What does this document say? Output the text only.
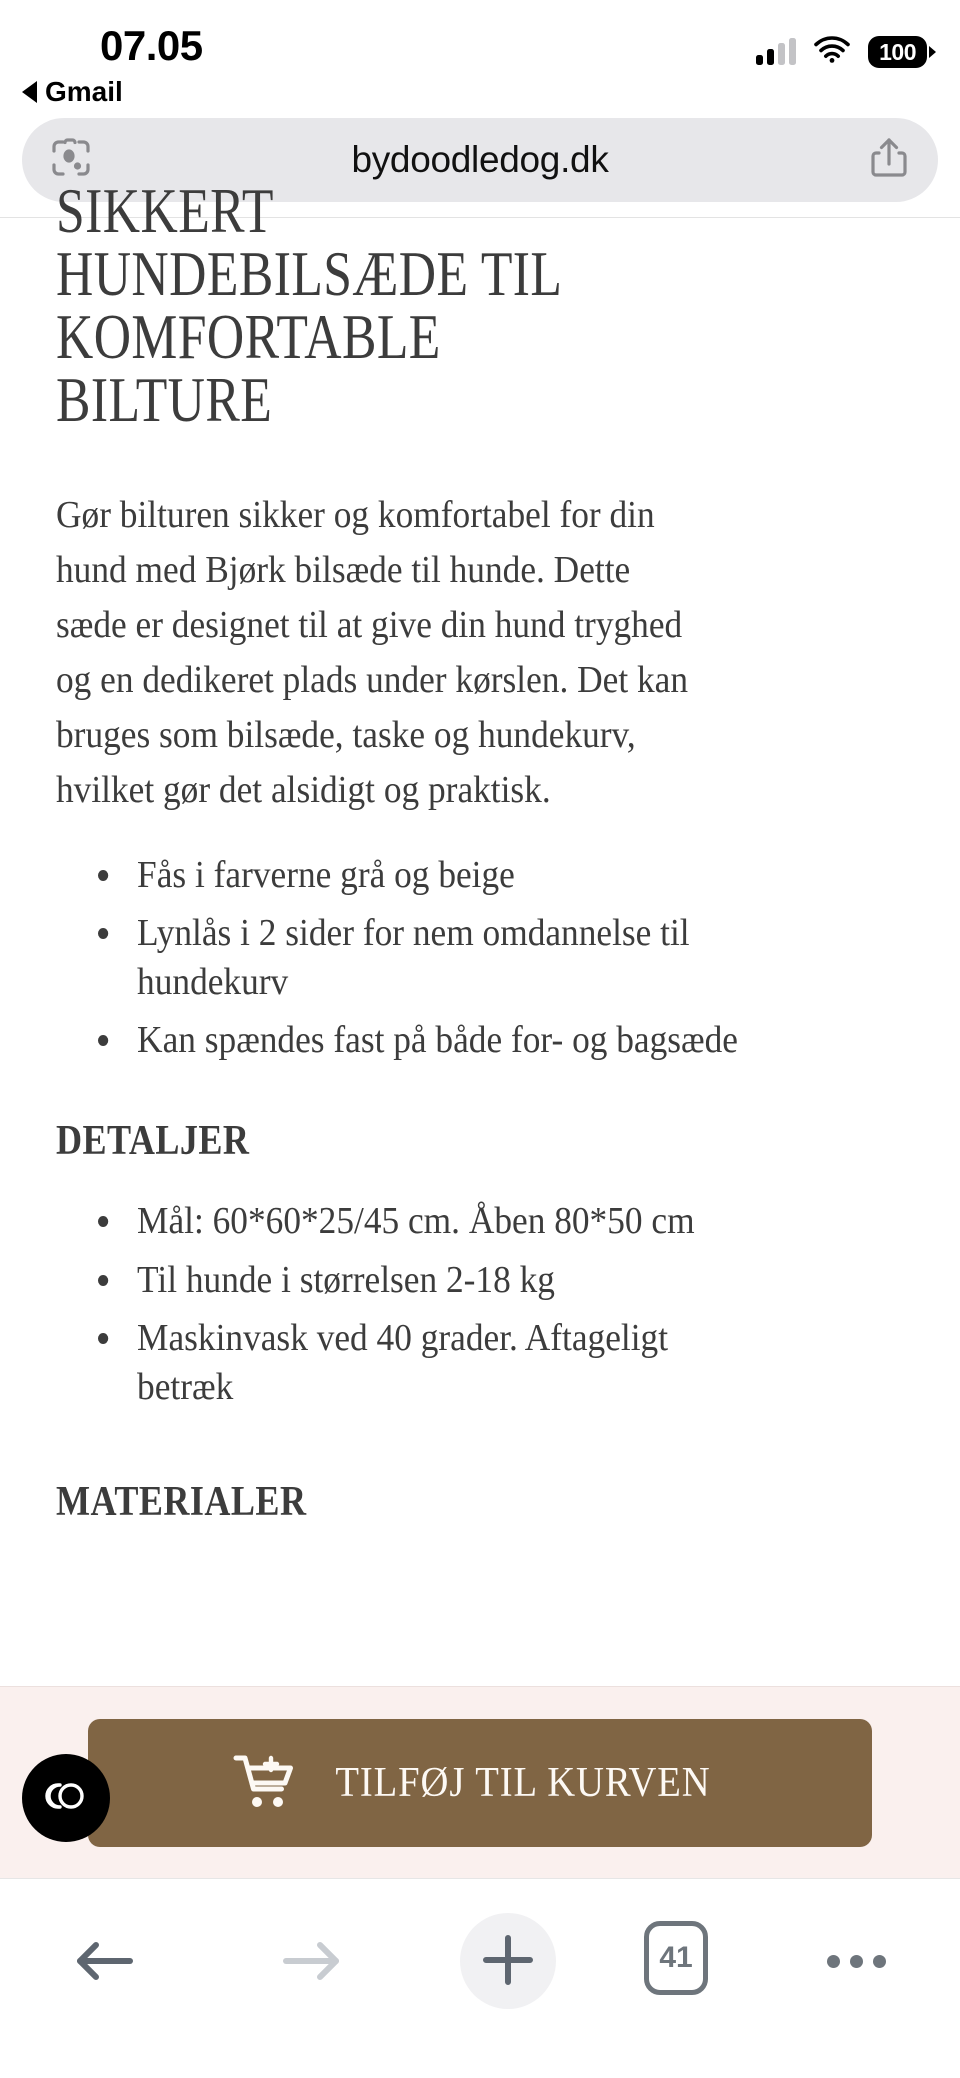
07.05
Gmail
100
bydoodledog.dk
SIKKERT
HUNDEBILSÆDE TIL
KOMFORTABLE
BILTURE

Gør bilturen sikker og komfortabel for din hund med Bjørk bilsæde til hunde. Dette sæde er designet til at give din hund tryghed og en dedikeret plads under kørslen. Det kan bruges som bilsæde, taske og hundekurv, hvilket gør det alsidigt og praktisk.

Fås i farverne grå og beige
Lynlås i 2 sider for nem omdannelse til hundekurv
Kan spændes fast på både for- og bagsæde
DETALJER
Mål: 60*60*25/45 cm. Åben 80*50 cm
Til hunde i størrelsen 2-18 kg
Maskinvask ved 40 grader. Aftageligt betræk
MATERIALER
TILFØJ TIL KURVEN
41
